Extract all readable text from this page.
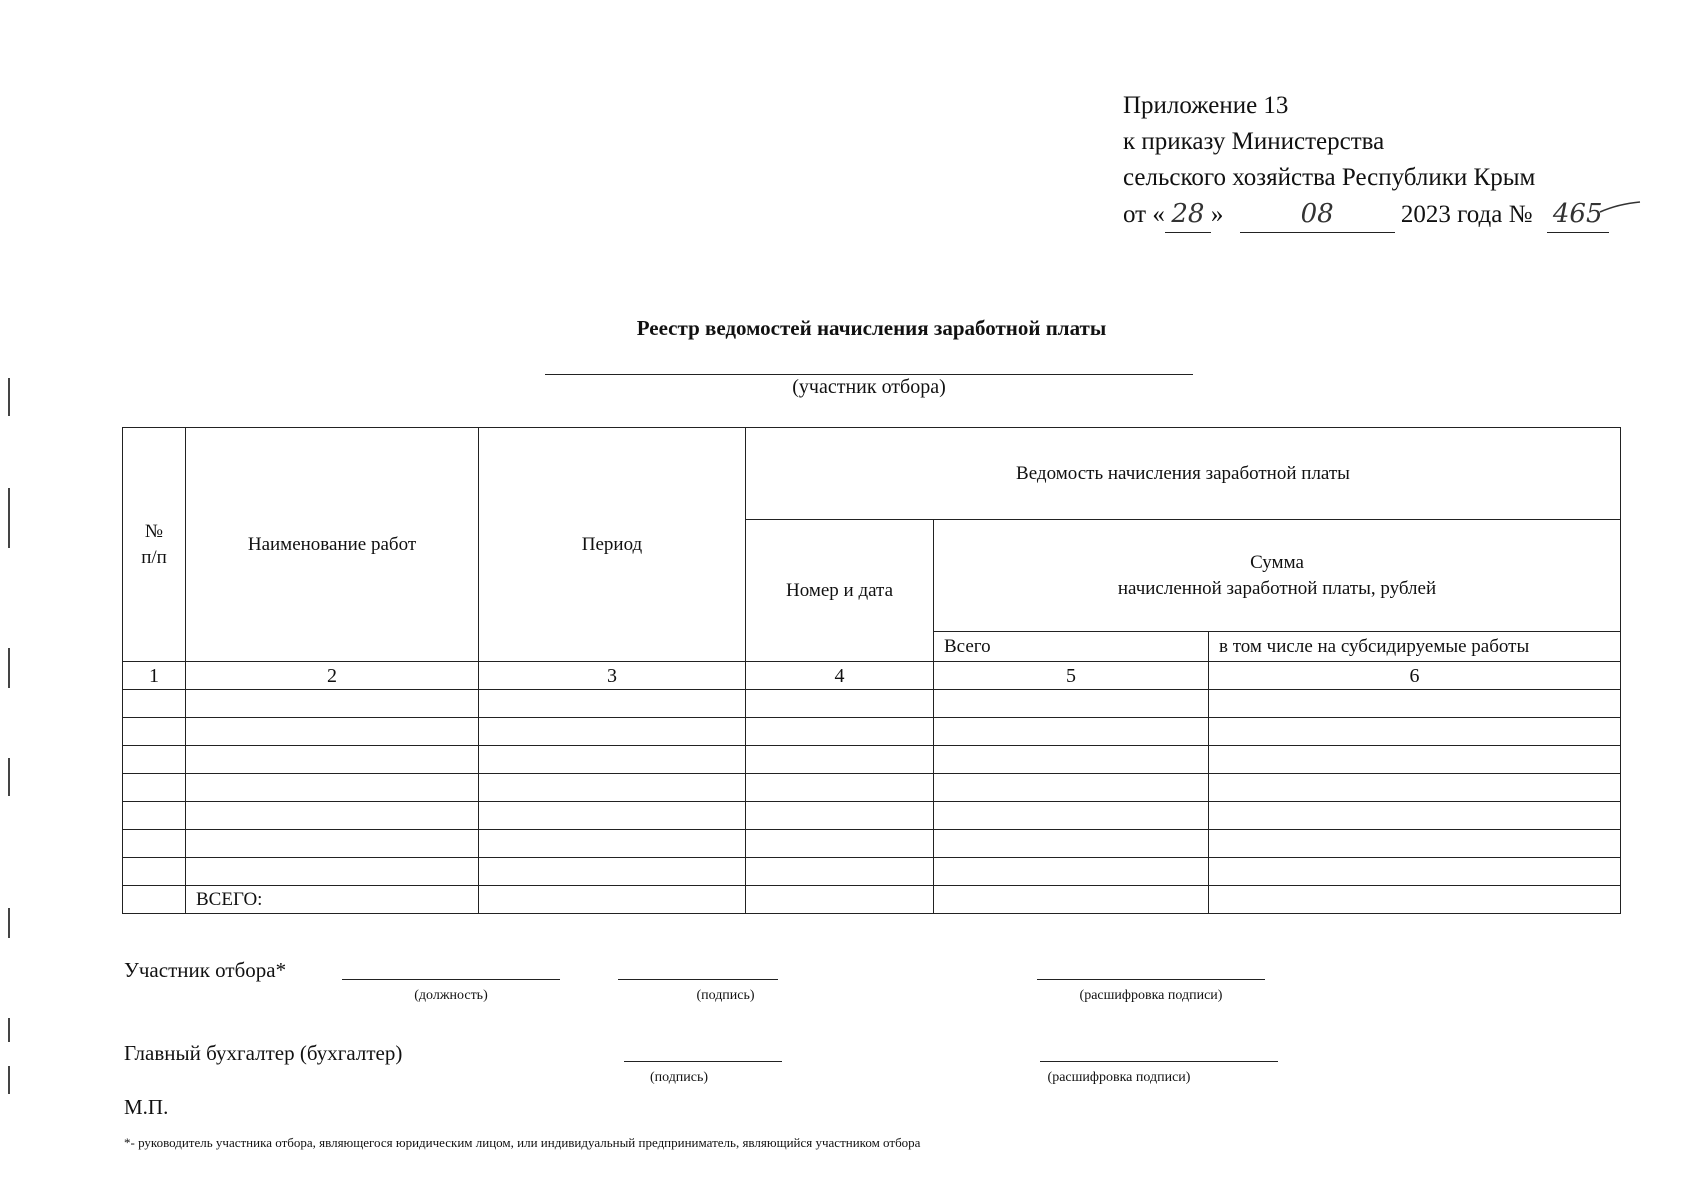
Приложение 13
к приказу Министерства
сельского хозяйства Республики Крым
от « 28 »	08	2023 года № 465
Реестр ведомостей начисления заработной платы
(участник отбора)
№
п/п	Наименование работ	Период	Ведомость начисления заработной платы		
			Номер и дата	Сумма
начисленной заработной платы, рублей	
				Всего	в том числе на субсидируемые работы
1	2	3	4	5	6

	ВСЕГО:				
Участник отбора*
(должность)	(подпись)	(расшифровка подписи)
Главный бухгалтер (бухгалтер)
(подпись)	(расшифровка подписи)
М.П.
*- руководитель участника отбора, являющегося юридическим лицом, или индивидуальный предприниматель, являющийся участником отбора
